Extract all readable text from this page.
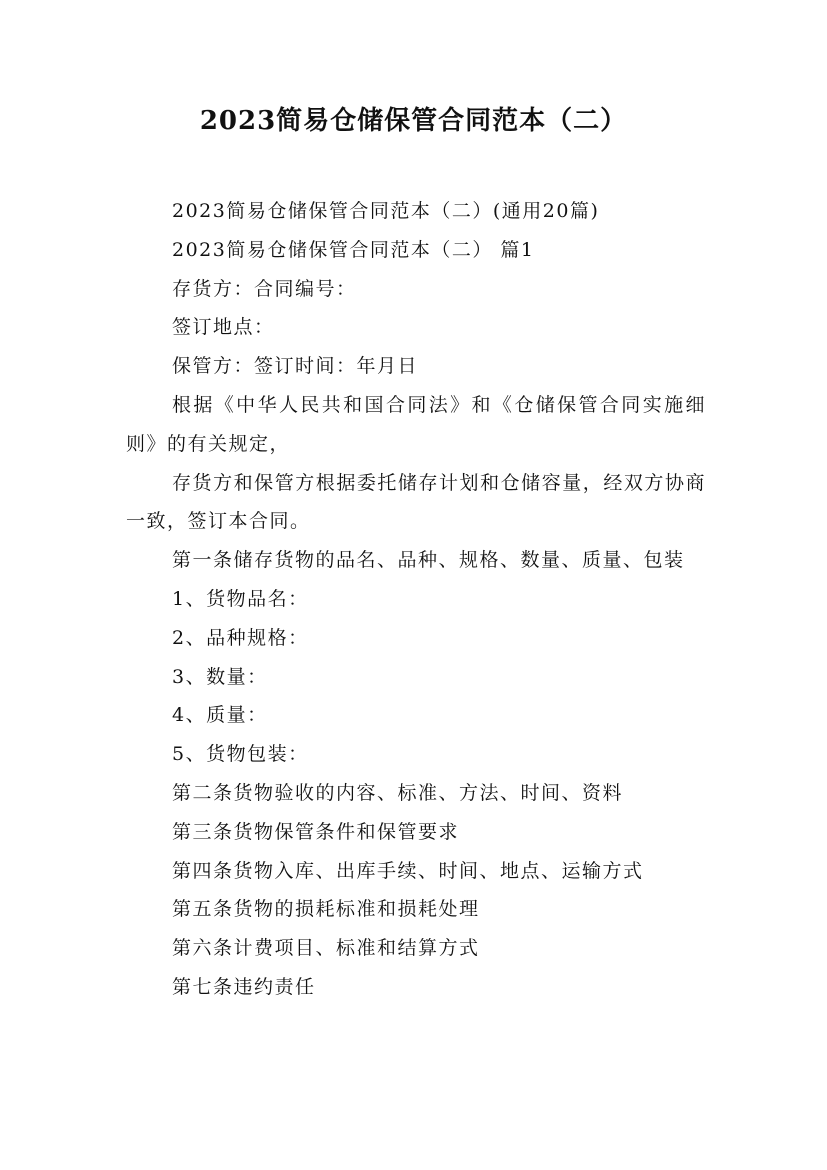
2023简易仓储保管合同范本（二）

2023简易仓储保管合同范本（二）(通用20篇)

2023简易仓储保管合同范本（二） 篇1

存货方：合同编号：

签订地点：

保管方：签订时间：年月日

根据《中华人民共和国合同法》和《仓储保管合同实施细则》的有关规定，

存货方和保管方根据委托储存计划和仓储容量，经双方协商一致，签订本合同。

第一条储存货物的品名、品种、规格、数量、质量、包装

1、货物品名：

2、品种规格：

3、数量：

4、质量：

5、货物包装：

第二条货物验收的内容、标准、方法、时间、资料

第三条货物保管条件和保管要求

第四条货物入库、出库手续、时间、地点、运输方式

第五条货物的损耗标准和损耗处理

第六条计费项目、标准和结算方式

第七条违约责任
